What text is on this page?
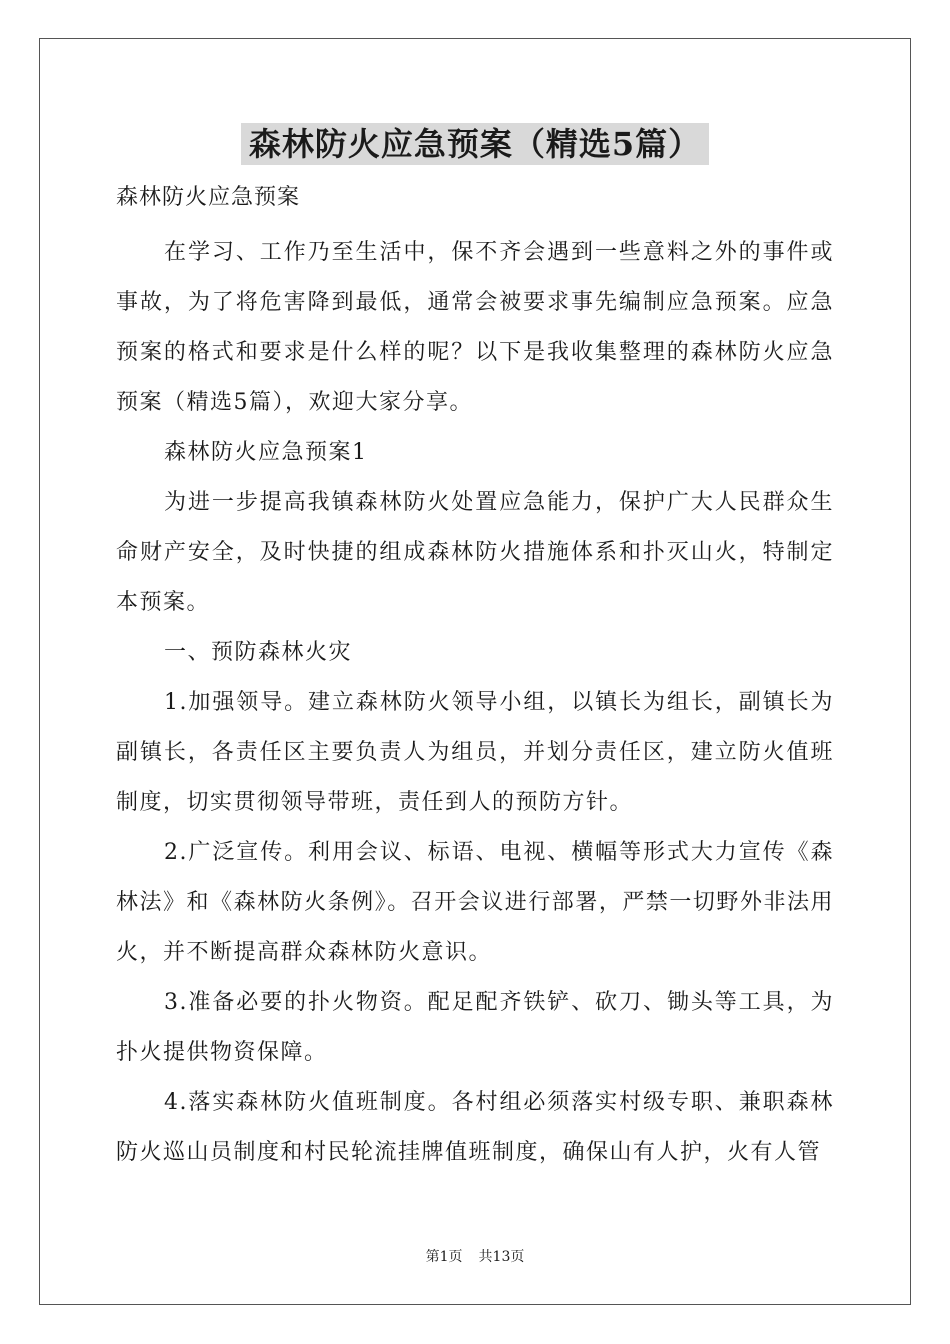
森林防火应急预案（精选5篇）
森林防火应急预案

在学习、工作乃至生活中，保不齐会遇到一些意料之外的事件或事故，为了将危害降到最低，通常会被要求事先编制应急预案。应急预案的格式和要求是什么样的呢？以下是我收集整理的森林防火应急预案（精选5篇），欢迎大家分享。

森林防火应急预案1

为进一步提高我镇森林防火处置应急能力，保护广大人民群众生命财产安全，及时快捷的组成森林防火措施体系和扑灭山火，特制定本预案。

一、预防森林火灾

1.加强领导。建立森林防火领导小组，以镇长为组长，副镇长为副镇长，各责任区主要负责人为组员，并划分责任区，建立防火值班制度，切实贯彻领导带班，责任到人的预防方针。

2.广泛宣传。利用会议、标语、电视、横幅等形式大力宣传《森林法》和《森林防火条例》。召开会议进行部署，严禁一切野外非法用火，并不断提高群众森林防火意识。

3.准备必要的扑火物资。配足配齐铁铲、砍刀、锄头等工具，为扑火提供物资保障。

4.落实森林防火值班制度。各村组必须落实村级专职、兼职森林防火巡山员制度和村民轮流挂牌值班制度，确保山有人护，火有人管

第1页 共13页
